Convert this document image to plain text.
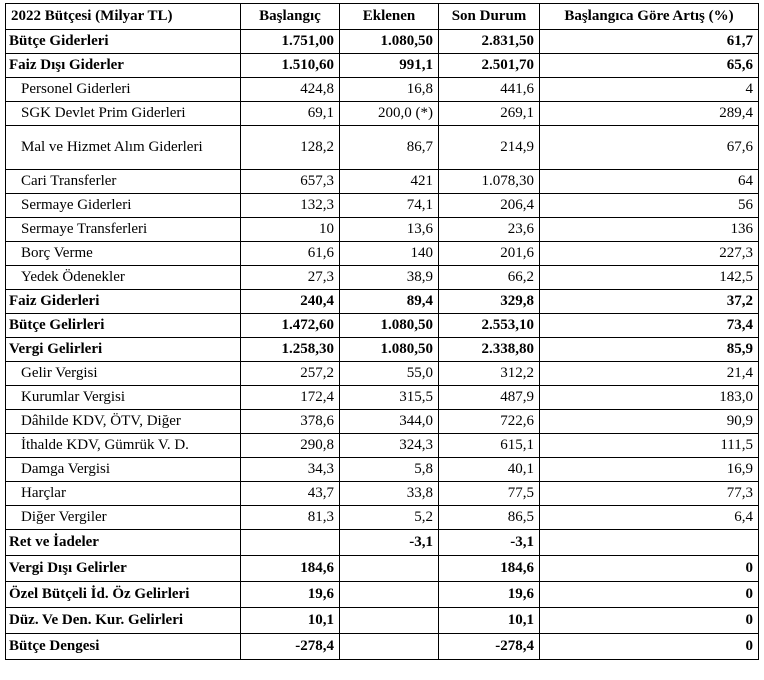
2022 Bütçesi (Milyar TL)	Başlangıç	Eklenen	Son Durum	Başlangıca Göre Artış (%)
Bütçe Giderleri	1.751,00	1.080,50	2.831,50	61,7
Faiz Dışı Giderler	1.510,60	991,1	2.501,70	65,6
Personel Giderleri	424,8	16,8	441,6	4
SGK Devlet Prim Giderleri	69,1	200,0 (*)	269,1	289,4
Mal ve Hizmet Alım Giderleri	128,2	86,7	214,9	67,6
Cari Transferler	657,3	421	1.078,30	64
Sermaye Giderleri	132,3	74,1	206,4	56
Sermaye Transferleri	10	13,6	23,6	136
Borç Verme	61,6	140	201,6	227,3
Yedek Ödenekler	27,3	38,9	66,2	142,5
Faiz Giderleri	240,4	89,4	329,8	37,2
Bütçe Gelirleri	1.472,60	1.080,50	2.553,10	73,4
Vergi Gelirleri	1.258,30	1.080,50	2.338,80	85,9
Gelir Vergisi	257,2	55,0	312,2	21,4
Kurumlar Vergisi	172,4	315,5	487,9	183,0
Dâhilde KDV, ÖTV, Diğer	378,6	344,0	722,6	90,9
İthalde KDV, Gümrük V. D.	290,8	324,3	615,1	111,5
Damga Vergisi	34,3	5,8	40,1	16,9
Harçlar	43,7	33,8	77,5	77,3
Diğer Vergiler	81,3	5,2	86,5	6,4
Ret ve İadeler		-3,1	-3,1	
Vergi Dışı Gelirler	184,6		184,6	0
Özel Bütçeli İd. Öz Gelirleri	19,6		19,6	0
Düz. Ve Den. Kur. Gelirleri	10,1		10,1	0
Bütçe Dengesi	-278,4		-278,4	0
